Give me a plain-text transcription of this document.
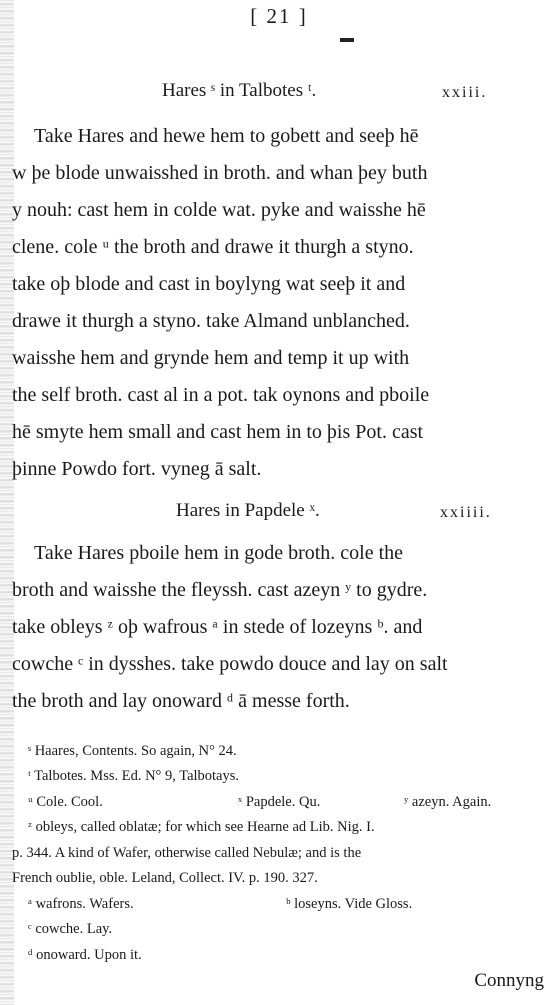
[ 21 ]
Hares ˢ in Talbotes ᵗ.	xxiii.
Take Hares and hewe hem to gobett and seeþ hē
w þe blode unwaisshed in broth. and whan þey buth
y nouh: cast hem in colde wat. pyke and waisshe hē
clene. cole ᵘ the broth and drawe it thurgh a styno.
take oþ blode and cast in boylyng wat seeþ it and
drawe it thurgh a styno. take Almand unblanched.
waisshe hem and grynde hem and temp it up with
the self broth. cast al in a pot. tak oynons and pboile
hē smyte hem small and cast hem in to þis Pot. cast
þinne Powdo fort. vyneg ā salt.
Hares in Papdele ˣ.	xxiiii.
Take Hares pboile hem in gode broth. cole the
broth and waisshe the fleyssh. cast azeyn ʸ to gydre.
take obleys ᶻ oþ wafrous ᵃ in stede of lozeyns ᵇ. and
cowche ᶜ in dysshes. take powdo douce and lay on salt
the broth and lay onoward ᵈ ā messe forth.
ˢ Haares, Contents. So again, N° 24.
ᵗ Talbotes. Mss. Ed. N° 9, Talbotays.
ᵘ Cole. Cool.	ˣ Papdele. Qu.	ʸ azeyn. Again.
ᶻ obleys, called oblatæ; for which see Hearne ad Lib. Nig. I.
p. 344. A kind of Wafer, otherwise called Nebulæ; and is the
French oublie, oble. Leland, Collect. IV. p. 190. 327.
ᵃ wafrons. Wafers.	ᵇ loseyns. Vide Gloss.
ᶜ cowche. Lay.
ᵈ onoward. Upon it.
Connyng
